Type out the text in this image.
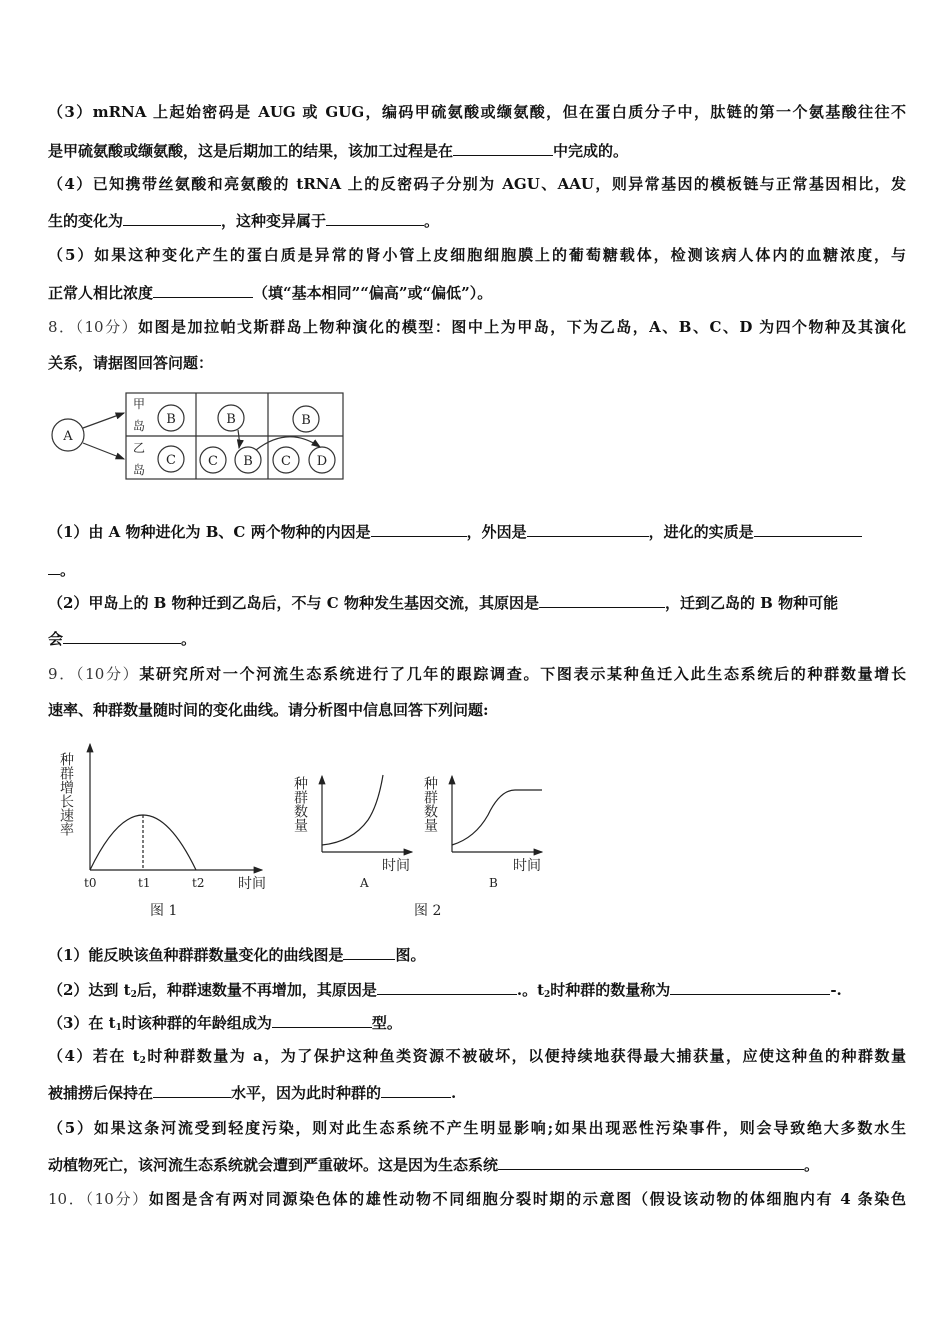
（3）mRNA 上起始密码是 AUG 或 GUG，编码甲硫氨酸或缬氨酸，但在蛋白质分子中，肽链的第一个氨基酸往往不
是甲硫氨酸或缬氨酸，这是后期加工的结果，该加工过程是在	中完成的。
（4）已知携带丝氨酸和亮氨酸的 tRNA 上的反密码子分别为 AGU、AAU，则异常基因的模板链与正常基因相比，发
生的变化为	，这种变异属于	。
（5）如果这种变化产生的蛋白质是异常的肾小管上皮细胞细胞膜上的葡萄糖载体，检测该病人体内的血糖浓度，与
正常人相比浓度	（填“基本相同”“偏高”或“偏低”）。
8．（10分）如图是加拉帕戈斯群岛上物种演化的模型：图中上为甲岛，下为乙岛，A、B、C、D 为四个物种及其演化
关系，请据图回答问题：
A
B
C
B
C B
B
C D
甲
岛
乙
岛
图 1
时间
t0	t1	t2
种群增长速率	种群数量	种群数量
时间	时间
A	B
图 2
（1）由 A 物种进化为 B、C 两个物种的内因是	，外因是	，进化的实质是
。
（2）甲岛上的 B 物种迁到乙岛后，不与 C 物种发生基因交流，其原因是	，迁到乙岛的 B 物种可能
会	。
9．（10分）某研究所对一个河流生态系统进行了几年的跟踪调查。下图表示某种鱼迁入此生态系统后的种群数量增长
速率、种群数量随时间的变化曲线。请分析图中信息回答下列问题:
（1）能反映该鱼种群群数量变化的曲线图是	图。
（2）达到 $t_2$后，种群速数量不再增加，其原因是	.。$t_2$时种群的数量称为	-.
（3）在 $t_1$时该种群的年龄组成为	型。
（4）若在 $t_2$时种群数量为 a，为了保护这种鱼类资源不被破坏，以便持续地获得最大捕获量，应使这种鱼的种群数量
被捕捞后保持在	水平，因为此时种群的	.
（5）如果这条河流受到轻度污染，则对此生态系统不产生明显影响;如果出现恶性污染事件，则会导致绝大多数水生
动植物死亡，该河流生态系统就会遭到严重破坏。这是因为生态系统	。
10．（10分）如图是含有两对同源染色体的雄性动物不同细胞分裂时期的示意图（假设该动物的体细胞内有 4 条染色
